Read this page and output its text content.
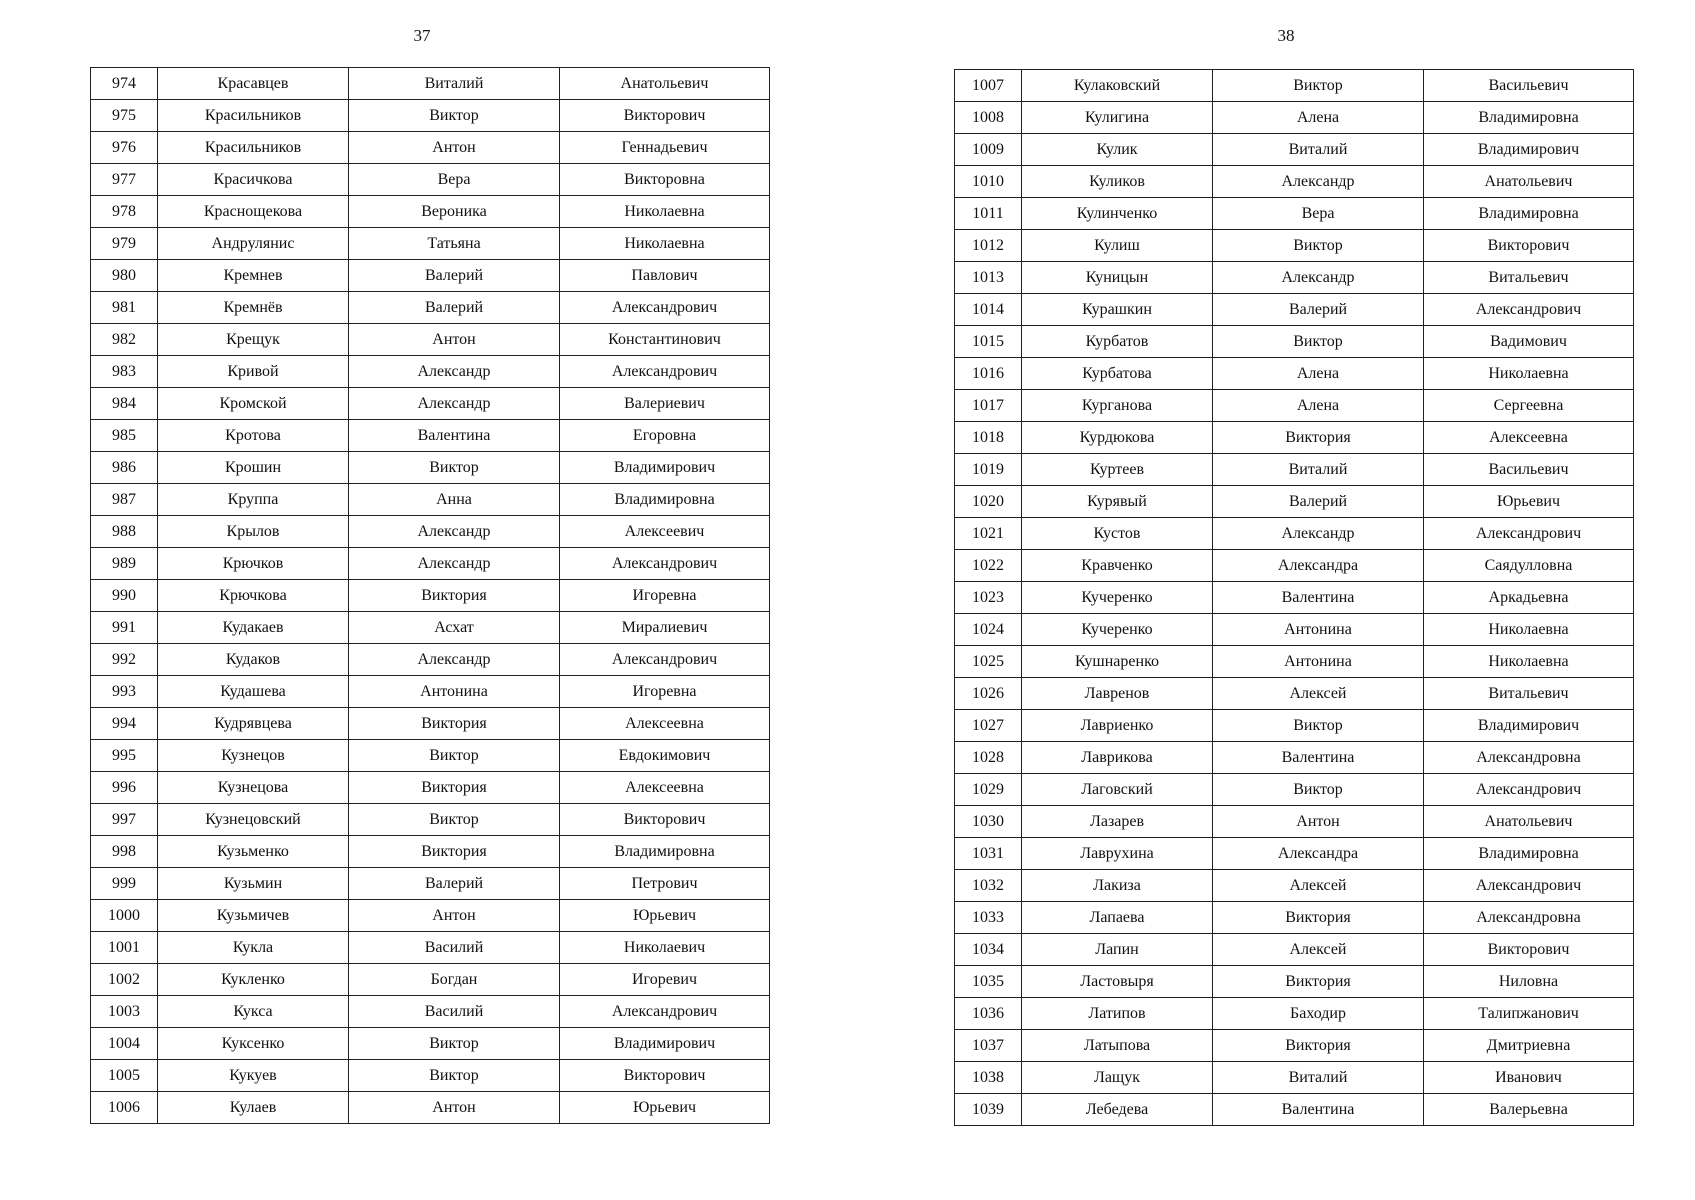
37
974	Красавцев	Виталий	Анатольевич
975	Красильников	Виктор	Викторович
976	Красильников	Антон	Геннадьевич
977	Красичкова	Вера	Викторовна
978	Краснощекова	Вероника	Николаевна
979	Андрулянис	Татьяна	Николаевна
980	Кремнев	Валерий	Павлович
981	Кремнёв	Валерий	Александрович
982	Крещук	Антон	Константинович
983	Кривой	Александр	Александрович
984	Кромской	Александр	Валериевич
985	Кротова	Валентина	Егоровна
986	Крошин	Виктор	Владимирович
987	Круппа	Анна	Владимировна
988	Крылов	Александр	Алексеевич
989	Крючков	Александр	Александрович
990	Крючкова	Виктория	Игоревна
991	Кудакаев	Асхат	Миралиевич
992	Кудаков	Александр	Александрович
993	Кудашева	Антонина	Игоревна
994	Кудрявцева	Виктория	Алексеевна
995	Кузнецов	Виктор	Евдокимович
996	Кузнецова	Виктория	Алексеевна
997	Кузнецовский	Виктор	Викторович
998	Кузьменко	Виктория	Владимировна
999	Кузьмин	Валерий	Петрович
1000	Кузьмичев	Антон	Юрьевич
1001	Кукла	Василий	Николаевич
1002	Кукленко	Богдан	Игоревич
1003	Кукса	Василий	Александрович
1004	Куксенко	Виктор	Владимирович
1005	Кукуев	Виктор	Викторович
1006	Кулаев	Антон	Юрьевич
38
1007	Кулаковский	Виктор	Васильевич
1008	Кулигина	Алена	Владимировна
1009	Кулик	Виталий	Владимирович
1010	Куликов	Александр	Анатольевич
1011	Кулинченко	Вера	Владимировна
1012	Кулиш	Виктор	Викторович
1013	Куницын	Александр	Витальевич
1014	Курашкин	Валерий	Александрович
1015	Курбатов	Виктор	Вадимович
1016	Курбатова	Алена	Николаевна
1017	Курганова	Алена	Сергеевна
1018	Курдюкова	Виктория	Алексеевна
1019	Куртеев	Виталий	Васильевич
1020	Курявый	Валерий	Юрьевич
1021	Кустов	Александр	Александрович
1022	Кравченко	Александра	Саядулловна
1023	Кучеренко	Валентина	Аркадьевна
1024	Кучеренко	Антонина	Николаевна
1025	Кушнаренко	Антонина	Николаевна
1026	Лавренов	Алексей	Витальевич
1027	Лавриенко	Виктор	Владимирович
1028	Лаврикова	Валентина	Александровна
1029	Лаговский	Виктор	Александрович
1030	Лазарев	Антон	Анатольевич
1031	Лаврухина	Александра	Владимировна
1032	Лакиза	Алексей	Александрович
1033	Лапаева	Виктория	Александровна
1034	Лапин	Алексей	Викторович
1035	Ластовыря	Виктория	Ниловна
1036	Латипов	Баходир	Талипжанович
1037	Латыпова	Виктория	Дмитриевна
1038	Лащук	Виталий	Иванович
1039	Лебедева	Валентина	Валерьевна
